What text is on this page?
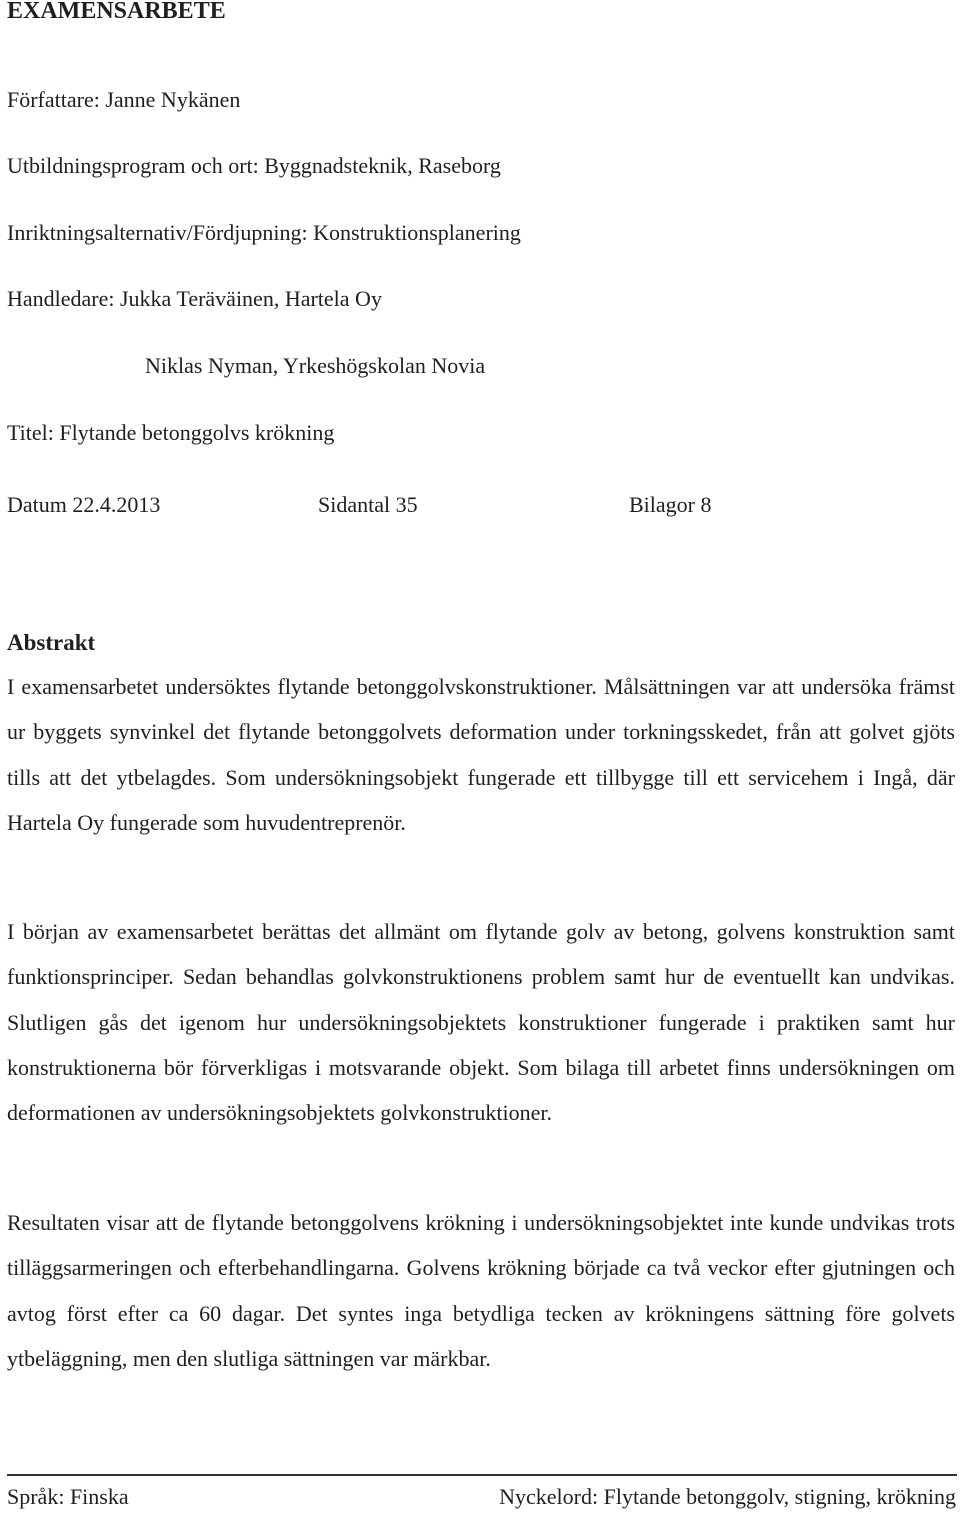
EXAMENSARBETE
Författare: Janne Nykänen
Utbildningsprogram och ort: Byggnadsteknik, Raseborg
Inriktningsalternativ/Fördjupning: Konstruktionsplanering
Handledare: Jukka Teräväinen, Hartela Oy
Niklas Nyman, Yrkeshögskolan Novia
Titel: Flytande betonggolvs krökning
Datum 22.4.2013	Sidantal 35	Bilagor 8
Abstrakt

I examensarbetet undersöktes flytande betonggolvskonstruktioner. Målsättningen var att undersöka främst ur byggets synvinkel det flytande betonggolvets deformation under torkningsskedet, från att golvet gjöts tills att det ytbelagdes. Som undersökningsobjekt fungerade ett tillbygge till ett servicehem i Ingå, där Hartela Oy fungerade som huvudentreprenör.

I början av examensarbetet berättas det allmänt om flytande golv av betong, golvens konstruktion samt funktionsprinciper. Sedan behandlas golvkonstruktionens problem samt hur de eventuellt kan undvikas. Slutligen gås det igenom hur undersökningsobjektets konstruktioner fungerade i praktiken samt hur konstruktionerna bör förverkligas i motsvarande objekt. Som bilaga till arbetet finns undersökningen om deformationen av undersökningsobjektets golvkonstruktioner.

Resultaten visar att de flytande betonggolvens krökning i undersökningsobjektet inte kunde undvikas trots tilläggsarmeringen och efterbehandlingarna. Golvens krökning började ca två veckor efter gjutningen och avtog först efter ca 60 dagar. Det syntes inga betydliga tecken av krökningens sättning före golvets ytbeläggning, men den slutliga sättningen var märkbar.

Språk: Finska	Nyckelord: Flytande betonggolv, stigning, krökning
